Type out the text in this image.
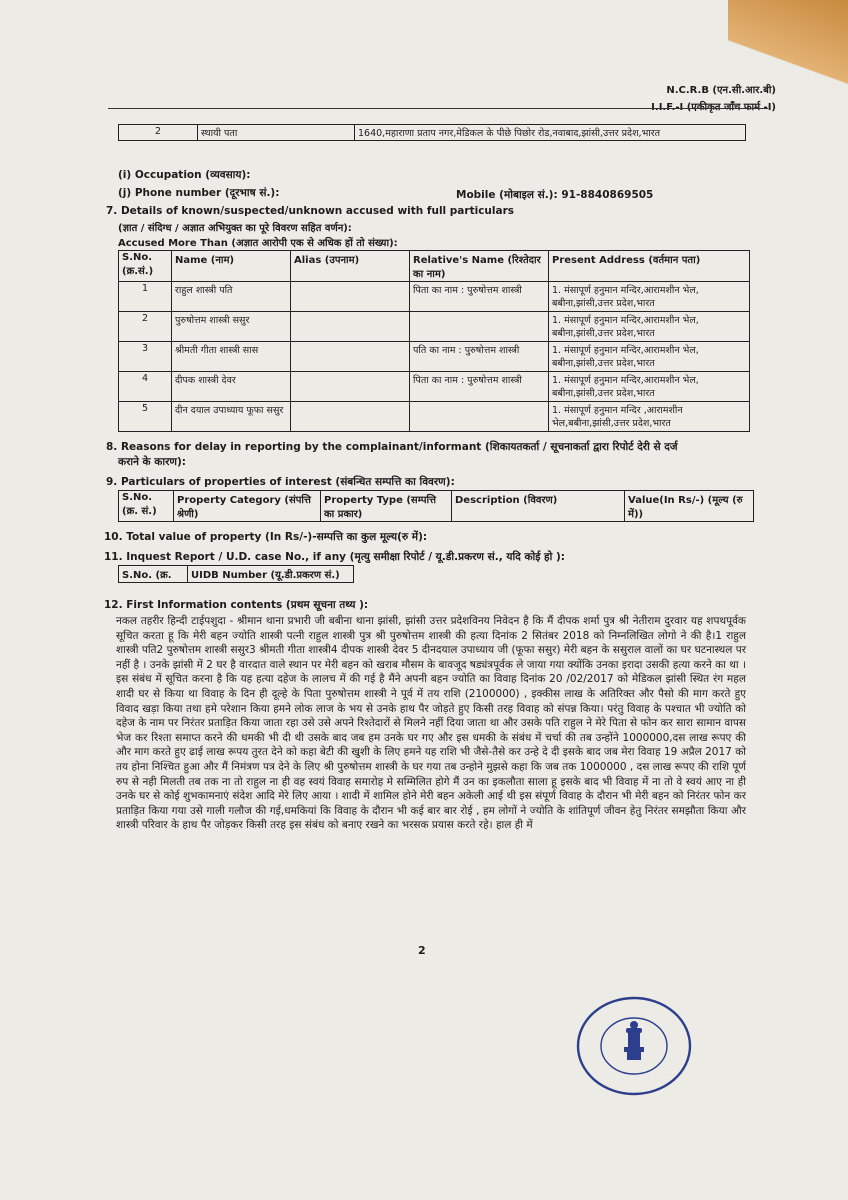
N.C.R.B (एन.सी.आर.बी)
I.I.F.-I (एकीकृत जाँच फार्म -I)
2	स्थायी पता	1640,महाराणा प्रताप नगर,मेडिकल के पीछे पिछोर रोड,नवाबाद,झांसी,उत्तर प्रदेश,भारत
(i) Occupation (व्यवसाय):
(j) Phone number (दूरभाष सं.):	Mobile (मोबाइल सं.): 91-8840869505
7. Details of known/suspected/unknown accused with full particulars
(ज्ञात / संदिग्ध / अज्ञात अभियुक्त का पूरे विवरण सहित वर्णन):
Accused More Than (अज्ञात आरोपी एक से अधिक हों तो संख्या):
S.No.(क्र.सं.)	Name (नाम)	Alias (उपनाम)	Relative's Name (रिश्तेदार का नाम)	Present Address (वर्तमान पता)
1	राहुल शास्त्री पति		पिता का नाम : पुरुषोत्तम शास्त्री	1. मंसापूर्ण हनुमान मन्दिर,आरामशीन भेल, बबीना,झांसी,उत्तर प्रदेश,भारत
2	पुरुषोत्तम शास्त्री ससुर			1. मंसापूर्ण हनुमान मन्दिर,आरामशीन भेल, बबीना,झांसी,उत्तर प्रदेश,भारत
3	श्रीमती गीता शास्त्री सास		पति का नाम : पुरुषोत्तम शास्त्री	1. मंसापूर्ण हनुमान मन्दिर,आरामशीन भेल, बबीना,झांसी,उत्तर प्रदेश,भारत
4	दीपक शास्त्री देवर		पिता का नाम : पुरुषोत्तम शास्त्री	1. मंसापूर्ण हनुमान मन्दिर,आरामशीन भेल, बबीना,झांसी,उत्तर प्रदेश,भारत
5	दीन दयाल उपाध्याय फूफा ससुर			1. मंसापूर्ण हनुमान मन्दिर ,आरामशीन भेल,बबीना,झांसी,उत्तर प्रदेश,भारत
8. Reasons for delay in reporting by the complainant/informant (शिकायतकर्ता / सूचनाकर्ता द्वारा रिपोर्ट देरी से दर्ज
कराने के कारण):
9. Particulars of properties of interest (संबन्धित सम्पत्ति का विवरण):
S.No. (क्र. सं.)	Property Category (संपत्ति श्रेणी)	Property Type (सम्पत्ति का प्रकार)	Description (विवरण)	Value(In Rs/-) (मूल्य (रु में))
10. Total value of property (In Rs/-)-सम्पत्ति का कुल मूल्य(रु में):
11. Inquest Report / U.D. case No., if any (मृत्यु समीक्षा रिपोर्ट / यू.डी.प्रकरण सं., यदि कोई हो ):
S.No. (क्र.	UIDB Number (यू.डी.प्रकरण सं.)
12. First Information contents (प्रथम सूचना तथ्य ):
नकल तहरीर हिन्दी टाईपशुदा - श्रीमान थाना प्रभारी जी बबीना थाना झांसी, झांसी उत्तर प्रदेशविनय निवेदन है कि मैं दीपक शर्मा पुत्र श्री नेतीराम दुरवार यह शपथपूर्वक सूचित करता हू कि मेरी बहन ज्योति शास्त्री पत्नी राहुल शास्त्री पुत्र श्री पुरुषोत्तम शास्त्री की हत्या दिनांक 2 सितंबर 2018 को निम्नलिखित लोगो ने की है।1 राहुल शास्त्री पति2 पुरुषोत्तम शास्त्री ससुर3 श्रीमती गीता शास्त्री4 दीपक शास्त्री देवर 5 दीनदयाल उपाध्याय जी (फूफा ससुर) मेरी बहन के ससुराल वालों का घर घटनास्थल पर नहीं है । उनके झांसी में 2 घर है वारदात वाले स्थान पर मेरी बहन को खराब मौसम के बावजूद षड्यंत्रपूर्वक ले जाया गया क्योंकि उनका इरादा उसकी हत्या करने का था । इस संबंध में सूचित करना है कि यह हत्या दहेज के लालच में की गई है मैंने अपनी बहन ज्योति का विवाह दिनांक 20 /02/2017 को मेडिकल झांसी स्थित रंग महल शादी घर से किया था विवाह के दिन ही दूल्हे के पिता पुरुषोत्तम शास्त्री ने पूर्व में तय राशि (2100000) , इक्कीस लाख के अतिरिक्त और पैसो की माग करते हुए विवाद खड़ा किया तथा हमे परेशान किया हमने लोक लाज के भय से उनके हाथ पैर जोड़ते हुए किसी तरह विवाह को संपन्न किया। परंतु विवाह के पश्चात भी ज्योति को दहेज के नाम पर निरंतर प्रताड़ित किया जाता रहा उसे उसे अपने रिश्तेदारों से मिलने नहीं दिया जाता था और उसके पति राहुल ने मेरे पिता से फोन कर सारा सामान वापस भेज कर रिश्ता समाप्त करने की धमकी भी दी थी उसके बाद जब हम उनके घर गए और इस धमकी के संबंध में चर्चा की तब उन्होंने 1000000,दस लाख रूपए की और माग करते हुए ढाई लाख रूपय तुरत देने को कहा बेटी की खुशी के लिए हमने यह राशि भी जैसे-तैसे कर उन्हे दे दी इसके बाद जब मेरा विवाह 19 अप्रैल 2017 को तय होना निश्चित हुआ और मैं निमंत्रण पत्र देने के लिए श्री पुरुषोत्तम शास्त्री के घर गया तब उन्होने मुझसे कहा कि जब तक 1000000 , दस लाख रूपए की राशि पूर्ण रुप से नही मिलती तब तक ना तो राहुल ना ही वह स्वयं विवाह समारोह मे सम्मिलित होगे मैं उन का इकलौता साला हू इसके बाद भी विवाह में ना तो वे स्वयं आए ना ही उनके घर से कोई शुभकामनाएं संदेश आदि मेरे लिए आया । शादी में शामिल होने मेरी बहन अकेली आई थी इस संपूर्ण विवाह के दौरान भी मेरी बहन को निरंतर फोन कर प्रताड़ित किया गया उसे गाली गलौज की गई,धमकियां कि विवाह के दौरान भी कई बार बार रोई , हम लोगों ने ज्योति के शांतिपूर्ण जीवन हेतु निरंतर समझौता किया और शास्त्री परिवार के हाथ पैर जोड़कर किसी तरह इस संबंध को बनाए रखने का भरसक प्रयास करते रहे। हाल ही में
2
